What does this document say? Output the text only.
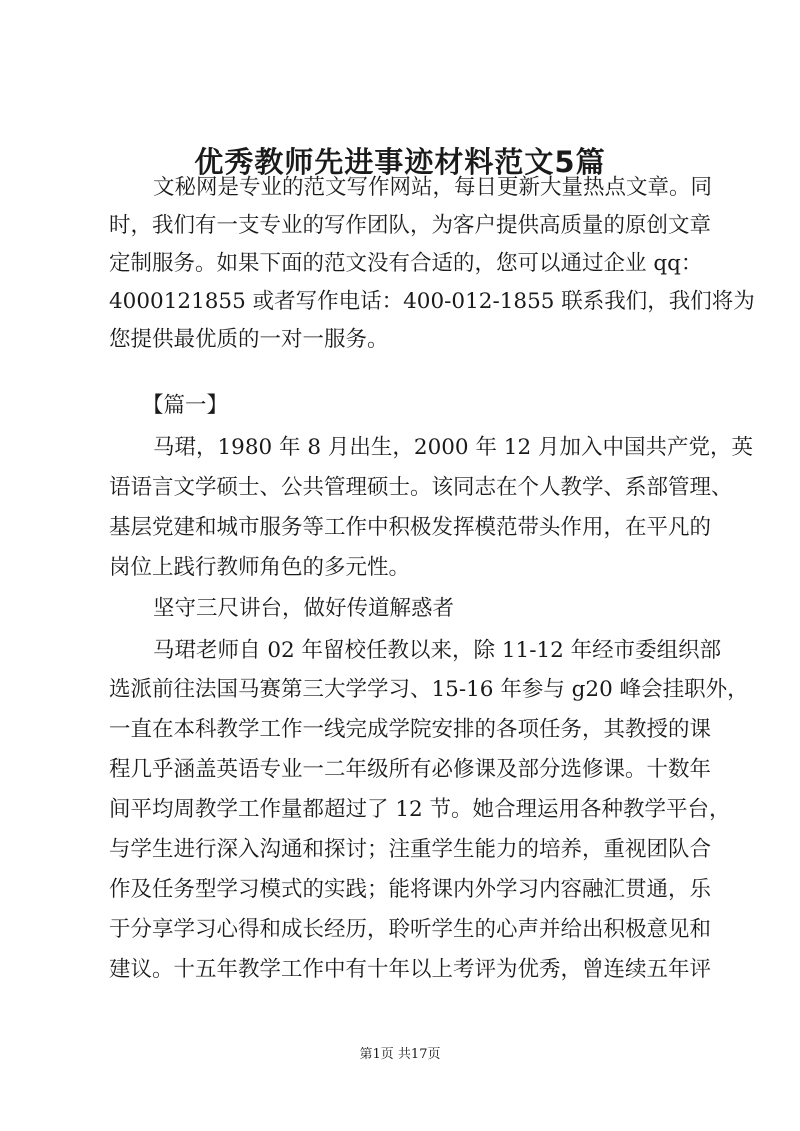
优秀教师先进事迹材料范文5篇
文秘网是专业的范文写作网站，每日更新大量热点文章。同
时，我们有一支专业的写作团队，为客户提供高质量的原创文章
定制服务。如果下面的范文没有合适的，您可以通过企业 qq：
4000121855 或者写作电话：400-012-1855 联系我们，我们将为
您提供最优质的一对一服务。
【篇一】
马珺，1980 年 8 月出生，2000 年 12 月加入中国共产党，英
语语言文学硕士、公共管理硕士。该同志在个人教学、系部管理、
基层党建和城市服务等工作中积极发挥模范带头作用，在平凡的
岗位上践行教师角色的多元性。
坚守三尺讲台，做好传道解惑者
马珺老师自 02 年留校任教以来，除 11-12 年经市委组织部
选派前往法国马赛第三大学学习、15-16 年参与 g20 峰会挂职外，
一直在本科教学工作一线完成学院安排的各项任务，其教授的课
程几乎涵盖英语专业一二年级所有必修课及部分选修课。十数年
间平均周教学工作量都超过了 12 节。她合理运用各种教学平台，
与学生进行深入沟通和探讨；注重学生能力的培养，重视团队合
作及任务型学习模式的实践；能将课内外学习内容融汇贯通，乐
于分享学习心得和成长经历，聆听学生的心声并给出积极意见和
建议。十五年教学工作中有十年以上考评为优秀，曾连续五年评
第1页 共17页
